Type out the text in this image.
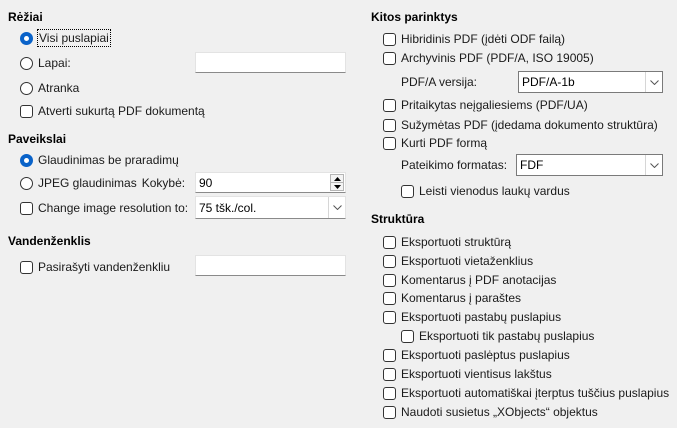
Rėžiai
Visi puslapiai
Lapai:
Atranka
Atverti sukurtą PDF dokumentą
Paveikslai
Glaudinimas be praradimų
JPEG glaudinimas Kokybė: 90
Change image resolution to: 75 tšk./col.
Vandenženklis
Pasirašyti vandenženkliu
Kitos parinktys
Hibridinis PDF (įdėti ODF failą)
Archyvinis PDF (PDF/A, ISO 19005)
PDF/A versija:	PDF/A-1b
Pritaikytas neįgaliesiems (PDF/UA)
Sužymėtas PDF (įdedama dokumento struktūra)
Kurti PDF formą
Pateikimo formatas: FDF
Leisti vienodus laukų vardus
Struktūra
Eksportuoti struktūrą
Eksportuoti vietaženklius
Komentarus į PDF anotacijas
Komentarus į paraštes
Eksportuoti pastabų puslapius
Eksportuoti tik pastabų puslapius
Eksportuoti paslėptus puslapius
Eksportuoti vientisus lakštus
Eksportuoti automatiškai įterptus tuščius puslapius
Naudoti susietus „XObjects“ objektus
